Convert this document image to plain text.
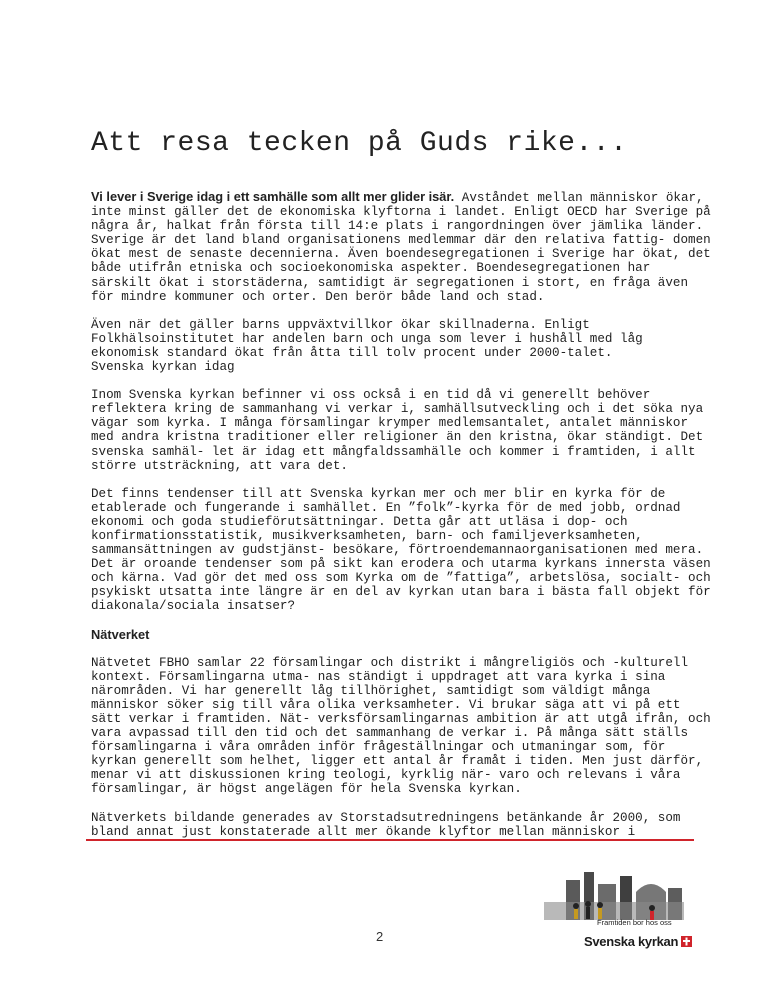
Att resa tecken på Guds rike...

Vi lever i Sverige idag i ett samhälle som allt mer glider isär. Avståndet mellan människor ökar, inte minst gäller det de ekonomiska klyftorna i landet. Enligt OECD har Sverige på några år, halkat från första till 14:e plats i rangordningen över jämlika länder. Sverige är det land bland organisationens medlemmar där den relativa fattig- domen ökat mest de senaste decennierna. Även boendesegregationen i Sverige har ökat, det både utifrån etniska och socioekonomiska aspekter. Boendesegregationen har särskilt ökat i storstäderna, samtidigt är segregationen i stort, en fråga även för mindre kommuner och orter. Den berör både land och stad.

Även när det gäller barns uppväxtvillkor ökar skillnaderna. Enligt Folkhälsoinstitutet har andelen barn och unga som lever i hushåll med låg ekonomisk standard ökat från åtta till tolv procent under 2000-talet.
Svenska kyrkan idag

Inom Svenska kyrkan befinner vi oss också i en tid då vi generellt behöver reflektera kring de sammanhang vi verkar i, samhällsutveckling och i det söka nya vägar som kyrka. I många församlingar krymper medlemsantalet, antalet människor med andra kristna traditioner eller religioner än den kristna, ökar ständigt. Det svenska samhäl- let är idag ett mångfaldssamhälle och kommer i framtiden, i allt större utsträckning, att vara det.

Det finns tendenser till att Svenska kyrkan mer och mer blir en kyrka för de etablerade och fungerande i samhället. En ”folk”-kyrka för de med jobb, ordnad ekonomi och goda studieförutsättningar. Detta går att utläsa i dop- och konfirmationsstatistik, musikverksamheten, barn- och familjeverksamheten, sammansättningen av gudstjänst- besökare, förtroendemannaorganisationen med mera. Det är oroande tendenser som på sikt kan erodera och utarma kyrkans innersta väsen och kärna. Vad gör det med oss som Kyrka om de ”fattiga”, arbetslösa, socialt- och psykiskt utsatta inte längre är en del av kyrkan utan bara i bästa fall objekt för diakonala/sociala insatser?

Nätverket

Nätvetet FBHO samlar 22 församlingar och distrikt i mångreligiös och -kulturell kontext. Församlingarna utma- nas ständigt i uppdraget att vara kyrka i sina närområden. Vi har generellt låg tillhörighet, samtidigt som väldigt många människor söker sig till våra olika verksamheter. Vi brukar säga att vi på ett sätt verkar i framtiden. Nät- verksförsamlingarnas ambition är att utgå ifrån, och vara avpassad till den tid och det sammanhang de verkar i. På många sätt ställs församlingarna i våra områden inför frågeställningar och utmaningar som, för kyrkan generellt som helhet, ligger ett antal år framåt i tiden. Men just därför, menar vi att diskussionen kring teologi, kyrklig när- varo och relevans i våra församlingar, är högst angelägen för hela Svenska kyrkan.

Nätverkets bildande generades av Storstadsutredningens betänkande år 2000, som bland annat just konstaterade allt mer ökande klyftor mellan människor i

2
Framtiden bor hos oss
Svenska kyrkan
